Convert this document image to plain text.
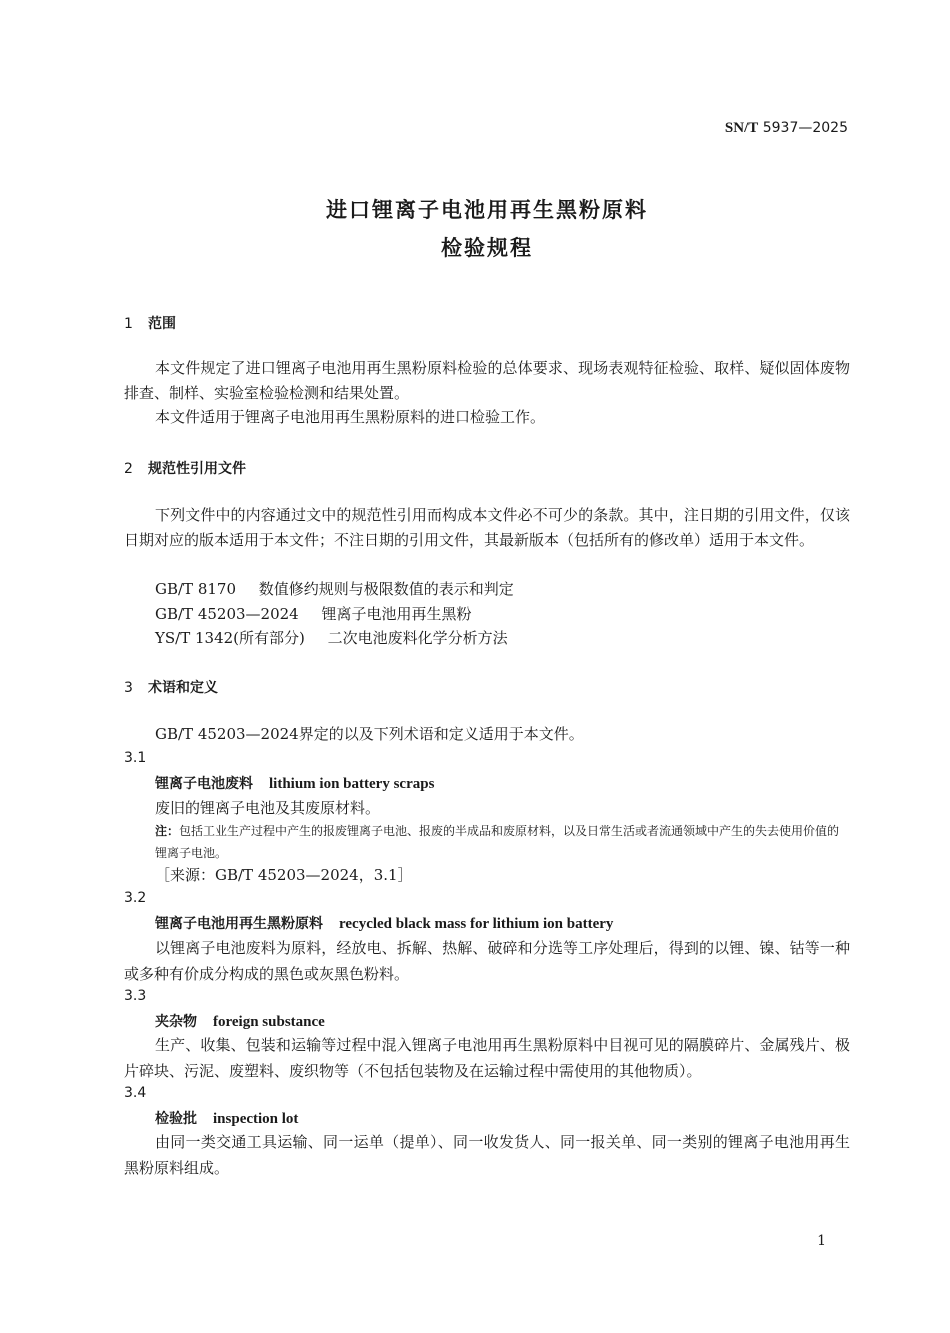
SN/T 5937—2025
进口锂离子电池用再生黑粉原料
检验规程
1 范围
本文件规定了进口锂离子电池用再生黑粉原料检验的总体要求、现场表观特征检验、取样、疑似固体废物排查、制样、实验室检验检测和结果处置。
本文件适用于锂离子电池用再生黑粉原料的进口检验工作。
2 规范性引用文件
下列文件中的内容通过文中的规范性引用而构成本文件必不可少的条款。其中，注日期的引用文件，仅该日期对应的版本适用于本文件；不注日期的引用文件，其最新版本（包括所有的修改单）适用于本文件。
GB/T 8170 数值修约规则与极限数值的表示和判定
GB/T 45203—2024 锂离子电池用再生黑粉
YS/T 1342(所有部分) 二次电池废料化学分析方法
3 术语和定义
GB/T 45203—2024界定的以及下列术语和定义适用于本文件。
3.1
锂离子电池废料 lithium ion battery scraps
废旧的锂离子电池及其废原材料。
注：包括工业生产过程中产生的报废锂离子电池、报废的半成品和废原材料，以及日常生活或者流通领域中产生的失去使用价值的锂离子电池。
［来源：GB/T 45203—2024，3.1］
3.2
锂离子电池用再生黑粉原料 recycled black mass for lithium ion battery
以锂离子电池废料为原料，经放电、拆解、热解、破碎和分选等工序处理后，得到的以锂、镍、钴等一种或多种有价成分构成的黑色或灰黑色粉料。
3.3
夹杂物 foreign substance
生产、收集、包装和运输等过程中混入锂离子电池用再生黑粉原料中目视可见的隔膜碎片、金属残片、极片碎块、污泥、废塑料、废织物等（不包括包装物及在运输过程中需使用的其他物质）。
3.4
检验批 inspection lot
由同一类交通工具运输、同一运单（提单）、同一收发货人、同一报关单、同一类别的锂离子电池用再生黑粉原料组成。
1
